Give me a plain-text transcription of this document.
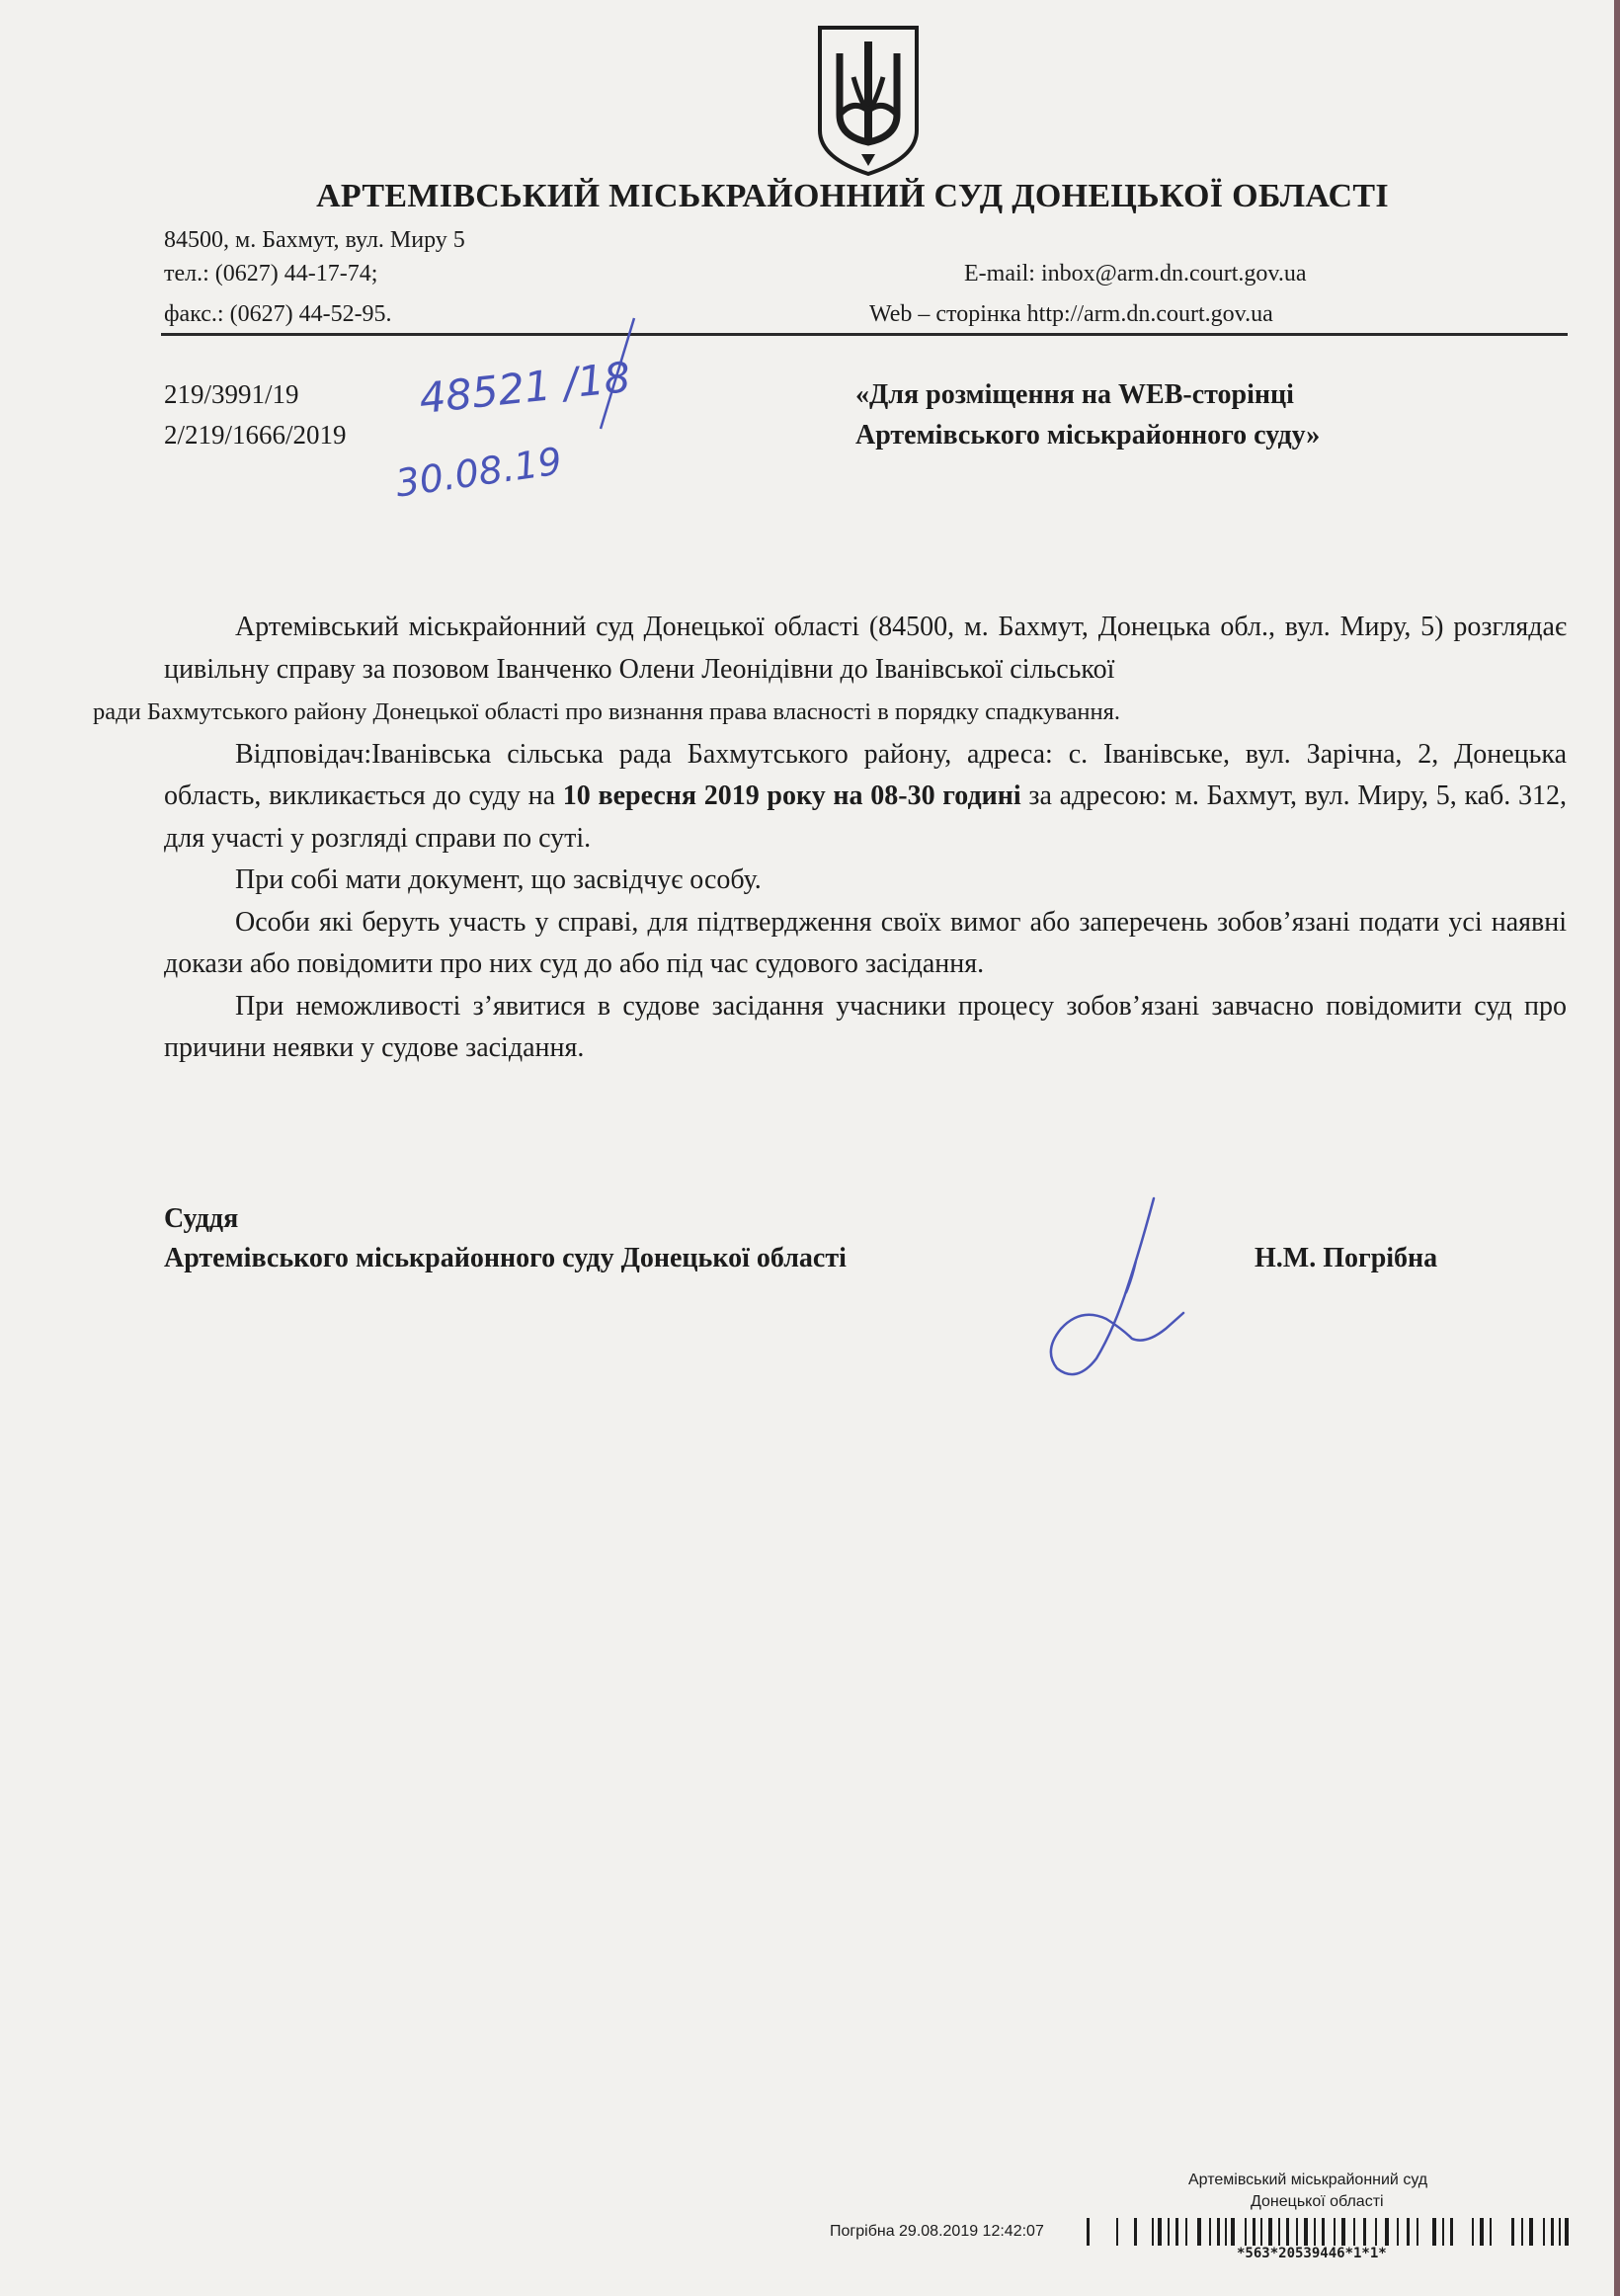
АРТЕМІВСЬКИЙ МІСЬКРАЙОННИЙ СУД ДОНЕЦЬКОЇ ОБЛАСТІ
84500, м. Бахмут, вул. Миру 5
тел.: (0627) 44-17-74;
факс.: (0627) 44-52-95.
E-mail: inbox@arm.dn.court.gov.ua
Web – сторінка http://arm.dn.court.gov.ua
219/3991/19
2/219/1666/2019
48521 /18
30.08.19
«Для розміщення на WEB-сторінці
Артемівського міськрайонного суду»

Артемівський міськрайонний суд Донецької області (84500, м. Бахмут, Донецька обл., вул. Миру, 5) розглядає цивільну справу за позовом Іванченко Олени Леонідівни до Іванівської сільської
ради Бахмутського району Донецької області про визнання права власності в порядку спадкування.

Відповідач:Іванівська сільська рада Бахмутського району, адреса: с. Іванівське, вул. Зарічна, 2, Донецька область, викликається до суду на 10 вересня 2019 року на 08-30 годині за адресою: м. Бахмут, вул. Миру, 5, каб. 312, для участі у розгляді справи по суті.

При собі мати документ, що засвідчує особу.

Особи які беруть участь у справі, для підтвердження своїх вимог або заперечень зобов’язані подати усі наявні докази або повідомити про них суд до або під час судового засідання.

При неможливості з’явитися в судове засідання учасники процесу зобов’язані завчасно повідомити суд про причини неявки у судове засідання.

Суддя
Артемівського міськрайонного суду Донецької області	Н.М. Погрібна
Артемівський міськрайонний суд
Донецької області
Погрібна 29.08.2019 12:42:07
*563*20539446*1*1*
